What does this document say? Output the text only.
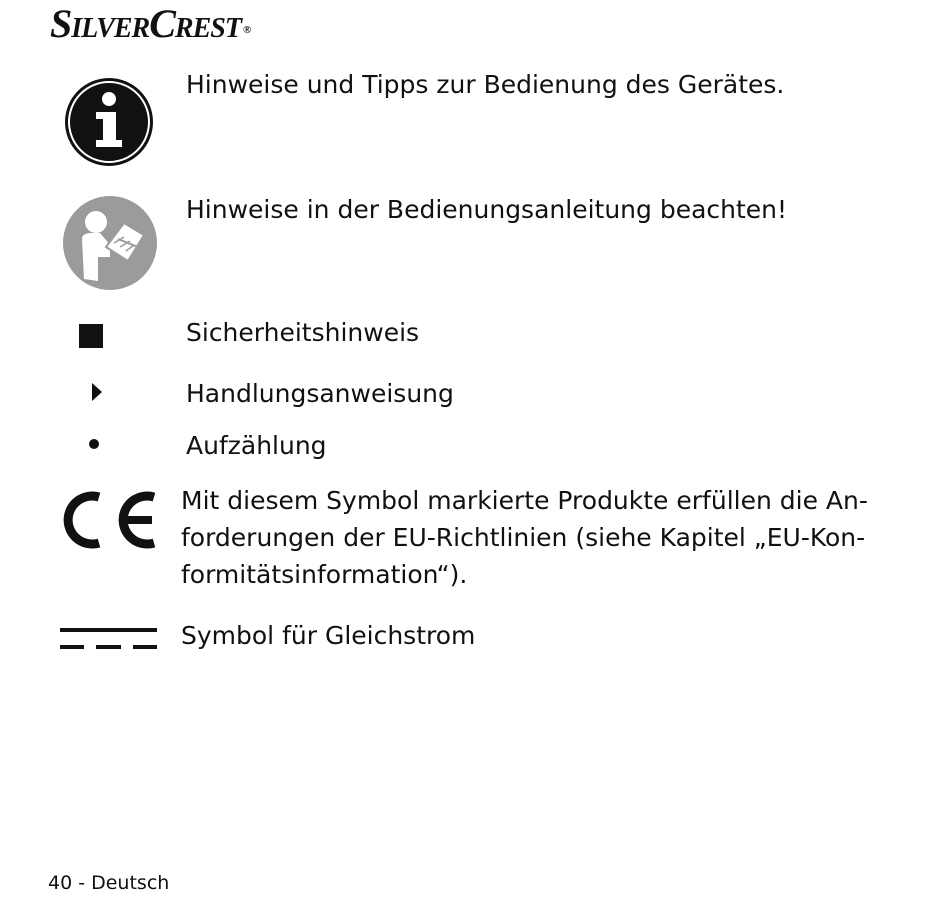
SilverCrest ®
Hinweise und Tipps zur Bedienung des Gerätes.
Hinweise in der Bedienungsanleitung beachten!
Sicherheitshinweis
Handlungsanweisung
Aufzählung
Mit diesem Symbol markierte Produkte erfüllen die An-
forderungen der EU-Richtlinien (siehe Kapitel „EU-Kon-
formitätsinformation“).
Symbol für Gleichstrom
40 - Deutsch
